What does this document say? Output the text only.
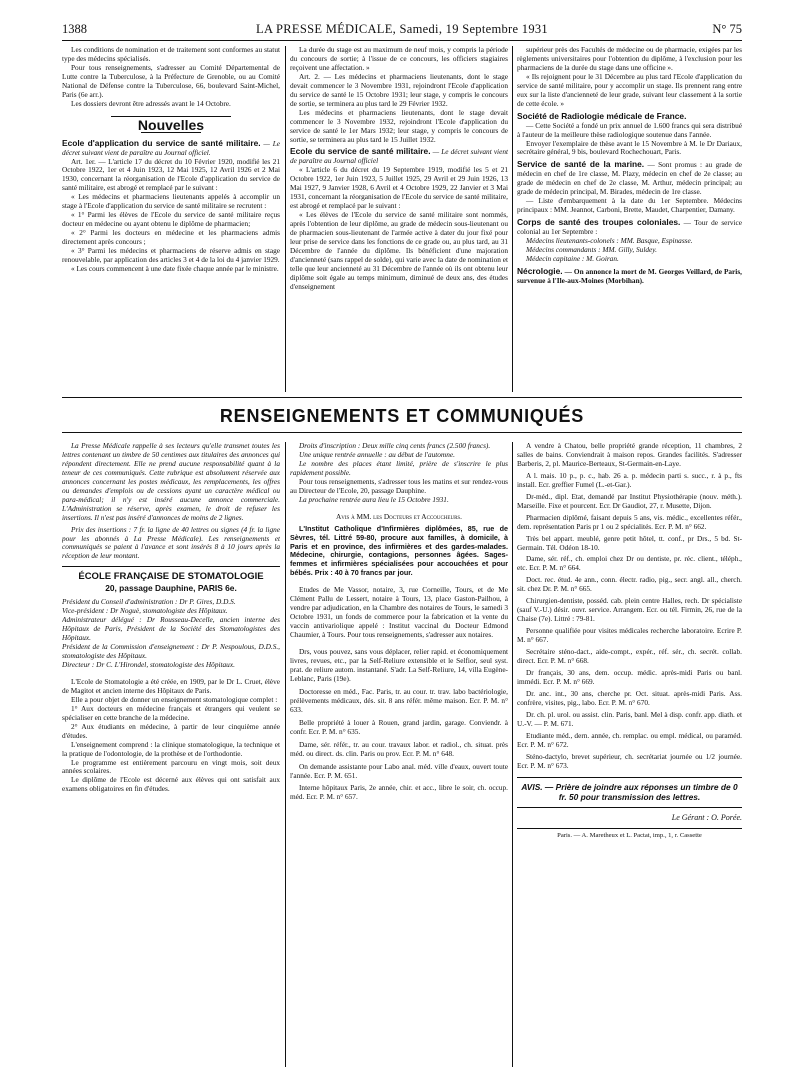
1388	LA PRESSE MÉDICALE, Samedi, 19 Septembre 1931	N° 75

Les conditions de nomination et de traitement sont conformes au statut type des médecins spécialisés.

Pour tous renseignements, s'adresser au Comité Départemental de Lutte contre la Tuberculose, à la Préfecture de Grenoble, ou au Comité National de Défense contre la Tuberculose, 66, boulevard Saint-Michel, Paris (6e arr.).

Les dossiers devront être adressés avant le 14 Octobre.

Nouvelles

Ecole d'application du service de santé militaire. — Le décret suivant vient de paraître au Journal officiel.

Art. 1er. — L'article 17 du décret du 10 Février 1920, modifié les 21 Octobre 1922, 1er et 4 Juin 1923, 12 Mai 1925, 12 Avril 1926 et 2 Mai 1930, concernant la réorganisation de l'Ecole d'application du service de santé militaire, est abrogé et remplacé par le suivant :

« Les médecins et pharmaciens lieutenants appelés à accomplir un stage à l'Ecole d'application du service de santé militaire se recrutent :

« 1° Parmi les élèves de l'Ecole du service de santé militaire reçus docteur en médecine ou ayant obtenu le diplôme de pharmacien;

« 2° Parmi les docteurs en médecine et les pharmaciens admis directement après concours ;

« 3° Parmi les médecins et pharmaciens de réserve admis en stage renouvelable, par application des articles 3 et 4 de la loi du 4 janvier 1929.

« Les cours commencent à une date fixée chaque année par le ministre.

La durée du stage est au maximum de neuf mois, y compris la période du concours de sortie; à l'issue de ce concours, les officiers stagiaires reçoivent une affectation. »

Art. 2. — Les médecins et pharmaciens lieutenants, dont le stage devait commencer le 3 Novembre 1931, rejoindront l'Ecole d'application du service de santé le 15 Octobre 1931; leur stage, y compris le concours de sortie, se terminera au plus tard le 29 Février 1932.

Les médecins et pharmaciens lieutenants, dont le stage devait commencer le 3 Novembre 1932, rejoindront l'Ecole d'application du service de santé le 1er Mars 1932; leur stage, y compris le concours de sortie, se terminera au plus tard le 15 Juillet 1932.

Ecole du service de santé militaire. — Le décret suivant vient de paraître au Journal officiel

« L'article 6 du décret du 19 Septembre 1919, modifié les 5 et 21 Octobre 1922, 1er Juin 1923, 5 Juillet 1925, 29 Avril et 29 Juin 1926, 13 Mai 1927, 9 Janvier 1928, 6 Avril et 4 Octobre 1929, 22 Janvier et 3 Mai 1931, concernant la réorganisation de l'Ecole du service de santé militaire, est abrogé et remplacé par le suivant :

« Les élèves de l'Ecole du service de santé militaire sont nommés, après l'obtention de leur diplôme, au grade de médecin sous-lieutenant ou de pharmacien sous-lieutenant de l'armée active à dater du jour fixé pour leur prise de service dans les fonctions de ce grade ou, au plus tard, au 31 Décembre de l'année du diplôme. Ils bénéficient d'une majoration d'ancienneté (sans rappel de solde), qui varie avec la date de nomination et telle que leur ancienneté au 31 Décembre de l'année où ils ont obtenu leur diplôme soit égale au temps minimum, diminué de deux ans, des études d'enseignement

supérieur près des Facultés de médecine ou de pharmacie, exigées par les règlements universitaires pour l'obtention du diplôme, à l'exclusion pour les pharmaciens de la durée du stage dans une officine ».

« Ils rejoignent pour le 31 Décembre au plus tard l'Ecole d'application du service de santé militaire, pour y accomplir un stage. Ils prennent rang entre eux sur la liste d'ancienneté de leur grade, suivant leur classement à la sortie de cette école. »

Société de Radiologie médicale de France.

— Cette Société a fondé un prix annuel de 1.600 francs qui sera distribué à l'auteur de la meilleure thèse radiologique soutenue dans l'année.

Envoyer l'exemplaire de thèse avant le 15 Novembre à M. le Dr Dariaux, secrétaire général, 9 bis, boulevard Rochechouart, Paris.

Service de santé de la marine. — Sont promus : au grade de médecin en chef de 1re classe, M. Plazy, médecin en chef de 2e classe; au grade de médecin en chef de 2e classe, M. Arthur, médecin principal; au grade de médecin principal, M. Birades, médecin de 1re classe.

— Liste d'embarquement à la date du 1er Septembre. Médecins principaux : MM. Jeannot, Carboni, Brette, Maudet, Charpentier, Damany.

Corps de santé des troupes coloniales. — Tour de service colonial au 1er Septembre :

Médecins lieutenants-colonels : MM. Basque, Espinasse.

Médecins commandants : MM. Gilly, Suldey.

Médecin capitaine : M. Goiran.

Nécrologie. — On annonce la mort de M. Georges Veillard, de Paris, survenue à l'Ile-aux-Moines (Morbihan).

RENSEIGNEMENTS ET COMMUNIQUÉS

La Presse Médicale rappelle à ses lecteurs qu'elle transmet toutes les lettres contenant un timbre de 50 centimes aux titulaires des annonces qui répondent directement. Elle ne prend aucune responsabilité quant à la teneur de ces communiqués. Cette rubrique est absolument réservée aux annonces concernant les postes médicaux, les remplacements, les offres ou demandes d'emplois ou de cessions ayant un caractère médical ou para-médical; il n'y est inséré aucune annonce commerciale. L'Administration se réserve, après examen, le droit de refuser les insertions. Il n'est pas inséré d'annonces de moins de 2 lignes.

Prix des insertions : 7 fr. la ligne de 40 lettres ou signes (4 fr. la ligne pour les abonnés à La Presse Médicale). Les renseignements et communiqués se paient à l'avance et sont insérés 8 à 10 jours après la réception de leur montant.

ÉCOLE FRANÇAISE DE STOMATOLOGIE
20, passage Dauphine, PARIS 6e.

Président du Conseil d'administration : Dr P. Gires, D.D.S.

Vice-président : Dr Noguè, stomatologiste des Hôpitaux.

Administrateur délégué : Dr Rousseau-Decelle, ancien interne des Hôpitaux de Paris, Président de la Société des Stomatologistes des Hôpitaux.

Président de la Commission d'enseignement : Dr P. Nespoulous, D.D.S., stomatologiste des Hôpitaux.

Directeur : Dr C. L'Hirondel, stomatologiste des Hôpitaux.

L'Ecole de Stomatologie a été créée, en 1909, par le Dr L. Cruet, élève de Magitot et ancien interne des Hôpitaux de Paris.

Elle a pour objet de donner un enseignement stomatologique complet :

1° Aux docteurs en médecine français et étrangers qui veulent se spécialiser en cette branche de la médecine.

2° Aux étudiants en médecine, à partir de leur cinquième année d'études.

L'enseignement comprend : la clinique stomatologique, la technique et la pratique de l'odontologie, de la prothèse et de l'orthodontie.

Le programme est entièrement parcouru en vingt mois, soit deux années scolaires.

Le diplôme de l'Ecole est décerné aux élèves qui ont satisfait aux examens obligatoires en fin d'études.

Droits d'inscription : Deux mille cinq cents francs (2.500 francs).

Une unique rentrée annuelle : au début de l'automne.

Le nombre des places étant limité, prière de s'inscrire le plus rapidement possible.

Pour tous renseignements, s'adresser tous les matins et sur rendez-vous au Directeur de l'Ecole, 20, passage Dauphine.

La prochaine rentrée aura lieu le 15 Octobre 1931.

Avis à MM. les Docteurs et Accoucheurs.

L'Institut Catholique d'Infirmières diplômées, 85, rue de Sèvres, tél. Littré 59-80, procure aux familles, à domicile, à Paris et en province, des infirmières et des gardes-malades. Médecine, chirurgie, contagions, personnes âgées. Sages-femmes et infirmières spécialisées pour accouchées et pour bébés. Prix : 40 à 70 francs par jour.

Etudes de Me Vassor, notaire, 3, rue Corneille, Tours, et de Me Clément Pallu de Lessert, notaire à Tours, 13, place Gaston-Pailhou, à vendre par adjudication, en la Chambre des notaires de Tours, le samedi 3 Octobre 1931, un fonds de commerce pour la fabrication et la vente du vaccin antivariolique appelé : Institut vaccinal du Docteur Edmond Chaumier, à Tours. Pour tous renseignements, s'adresser aux notaires.

Drs, vous pouvez, sans vous déplacer, relier rapid. et économiquement livres, revues, etc., par la Self-Reliure extensible et le Selfior, seul syst. prat. de reliure autom. instantané. S'adr. La Self-Reliure, 14, villa Eugène-Leblanc, Paris (19e).

Doctoresse en méd., Fac. Paris, tr. au cour. tr. trav. labo bactériologie, prélèvements médicaux, dés. sit. 8 ans référ. même maison. Ecr. P. M. n° 633.

Belle propriété à louer à Rouen, grand jardin, garage. Conviendr. à confr. Ecr. P. M. n° 635.

Dame, sér. référ., tr. au cour. travaux labor. et radiol., ch. situat. près méd. ou direct. ds. clin. Paris ou prov. Ecr. P. M. n° 648.

On demande assistante pour Labo anal. méd. ville d'eaux, ouvert toute l'année. Ecr. P. M. 651.

Interne hôpitaux Paris, 2e année, chir. et acc., libre le soir, ch. occup. méd. Ecr. P. M. n° 657.

A vendre à Chatou, belle propriété grande réception, 11 chambres, 2 salles de bains. Conviendrait à maison repos. Grandes facilités. S'adresser Barberis, 2, pl. Maurice-Berteaux, St-Germain-en-Laye.

A l. mais. 10 p., p. c., hab. 26 a. p. médecin parti s. succ., r. à p., fts install. Ecr. greffier Fumel (L.-et-Gar.).

Dr-méd., dipl. Etat, demandé par Institut Physiothérapie (nouv. méth.). Marseille. Fixe et pourcent. Ecr. Dr Gaudiot, 27, r. Musette, Dijon.

Pharmacien diplômé, faisant depuis 5 ans, vis. médic., excellentes référ., dem. représentation Paris pr 1 ou 2 spécialités. Ecr. P. M. n° 662.

Très bel appart. meublé, genre petit hôtel, tt. conf., pr Drs., 5 bd. St-Germain. Tél. Odéon 18-10.

Dame, sér. réf., ch. emploi chez Dr ou dentiste, pr. réc. client., téléph., etc. Ecr. P. M. n° 664.

Doct. rec. étud. 4e ann., conn. électr. radio, pig., secr. angl. all., cherch. sit. chez Dr. P. M. n° 665.

Chirurgien-dentiste, posséd. cab. plein centre Halles, rech. Dr spécialiste (sauf V.-U.) désir. ouvr. service. Arrangem. Ecr. ou tél. Firmin, 26, rue de la Chaise (7e). Littré : 79-81.

Personne qualifiée pour visites médicales recherche laboratoire. Ecrire P. M. n° 667.

Secrétaire sténo-dact., aide-compt., expér., réf. sér., ch. secrét. collab. direct. Ecr. P. M. n° 668.

Dr français, 30 ans, dem. occup. médic. après-midi Paris ou banl. immédi. Ecr. P. M. n° 669.

Dr. anc. int., 30 ans, cherche pr. Oct. situat. après-midi Paris. Ass. confrère, visites, pig., labo. Ecr. P. M. n° 670.

Dr. ch. pl. urol. ou assist. clin. Paris, banl. Mel à disp. confr. app. diath. et U.-V. — P. M. 671.

Etudiante méd., dern. année, ch. remplac. ou empl. médical, ou paraméd. Ecr. P. M. n° 672.

Sténo-dactylo, brevet supérieur, ch. secrétariat journée ou 1/2 journée. Ecr. P. M. n° 673.

AVIS. — Prière de joindre aux réponses un timbre de 0 fr. 50 pour transmission des lettres.
Le Gérant : O. Porée.
Paris. — A. Maretheux et L. Pactat, imp., 1, r. Cassette
